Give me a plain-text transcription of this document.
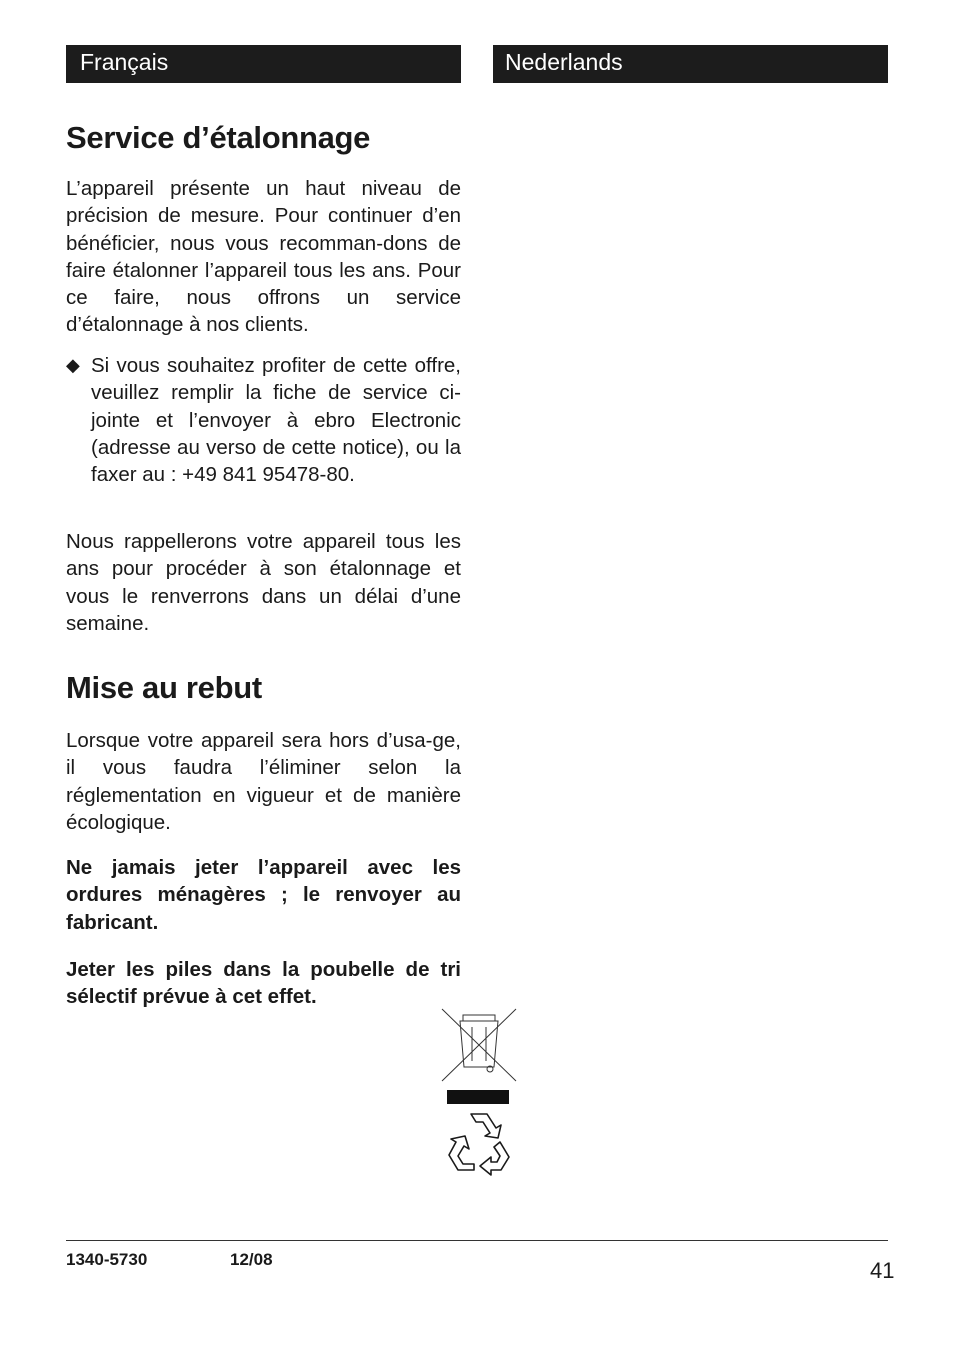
Français	Nederlands
Service d’étalonnage

L’appareil présente un haut niveau de précision de mesure. Pour continuer d’en bénéficier, nous vous recomman-dons de faire étalonner l’appareil tous les ans. Pour ce faire, nous offrons un service d’étalonnage à nos clients.

◆ Si vous souhaitez profiter de cette offre, veuillez remplir la fiche de service ci-jointe et l’envoyer à ebro Electronic (adresse au verso de cette notice), ou la faxer au : +49 841 95478-80.

Nous rappellerons votre appareil tous les ans pour procéder à son étalonnage et vous le renverrons dans un délai d’une semaine.

Mise au rebut

Lorsque votre appareil sera hors d’usa-ge, il vous faudra l’éliminer selon la réglementation en vigueur et de manière écologique.

Ne jamais jeter l’appareil avec les ordures ménagères ; le renvoyer au fabricant.

Jeter les piles dans la poubelle de tri sélectif prévue à cet effet.

1340-5730	12/08	41
